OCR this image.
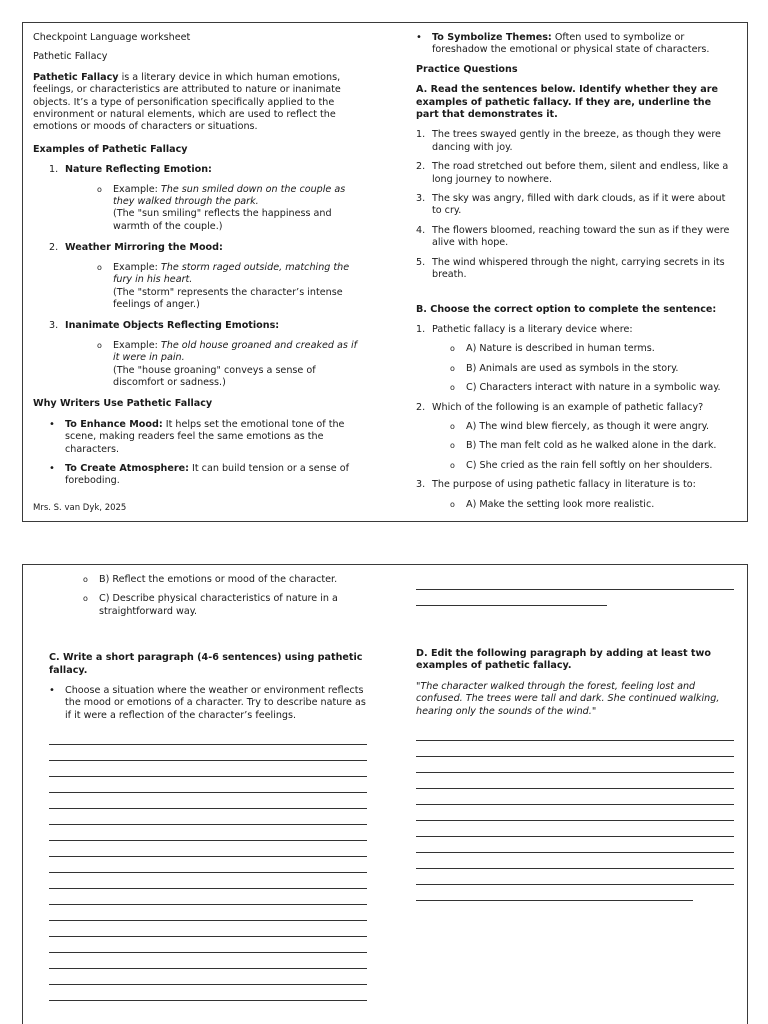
Checkpoint Language worksheet

Pathetic Fallacy

Pathetic Fallacy is a literary device in which human emotions, feelings, or characteristics are attributed to nature or inanimate objects. It’s a type of personification specifically applied to the environment or natural elements, which are used to reflect the emotions or moods of characters or situations.

Examples of Pathetic Fallacy
1. Nature Reflecting Emotion:
o	Example: The sun smiled down on the couple as they walked through the park.
(The "sun smiling" reflects the happiness and warmth of the couple.)
2. Weather Mirroring the Mood:
o	Example: The storm raged outside, matching the fury in his heart.
(The "storm" represents the character’s intense feelings of anger.)
3. Inanimate Objects Reflecting Emotions:
o	Example: The old house groaned and creaked as if it were in pain.
(The "house groaning" conveys a sense of discomfort or sadness.)
Why Writers Use Pathetic Fallacy
•	To Enhance Mood: It helps set the emotional tone of the scene, making readers feel the same emotions as the characters.
•	To Create Atmosphere: It can build tension or a sense of foreboding.
Mrs. S. van Dyk, 2025
•	To Symbolize Themes: Often used to symbolize or foreshadow the emotional or physical state of characters.
Practice Questions
A. Read the sentences below. Identify whether they are examples of pathetic fallacy. If they are, underline the part that demonstrates it.
1. The trees swayed gently in the breeze, as though they were dancing with joy.
2. The road stretched out before them, silent and endless, like a long journey to nowhere.
3. The sky was angry, filled with dark clouds, as if it were about to cry.
4. The flowers bloomed, reaching toward the sun as if they were alive with hope.
5. The wind whispered through the night, carrying secrets in its breath.
B. Choose the correct option to complete the sentence:
1. Pathetic fallacy is a literary device where:
o	A) Nature is described in human terms.
o	B) Animals are used as symbols in the story.
o	C) Characters interact with nature in a symbolic way.
2. Which of the following is an example of pathetic fallacy?
o	A) The wind blew fiercely, as though it were angry.
o	B) The man felt cold as he walked alone in the dark.
o	C) She cried as the rain fell softly on her shoulders.
3. The purpose of using pathetic fallacy in literature is to:
o	A) Make the setting look more realistic.
o	B) Reflect the emotions or mood of the character.
o	C) Describe physical characteristics of nature in a straightforward way.
C. Write a short paragraph (4-6 sentences) using pathetic fallacy.
•	Choose a situation where the weather or environment reflects the mood or emotions of a character. Try to describe nature as if it were a reflection of the character’s feelings.
D. Edit the following paragraph by adding at least two examples of pathetic fallacy.

"The character walked through the forest, feeling lost and confused. The trees were tall and dark. She continued walking, hearing only the sounds of the wind."
